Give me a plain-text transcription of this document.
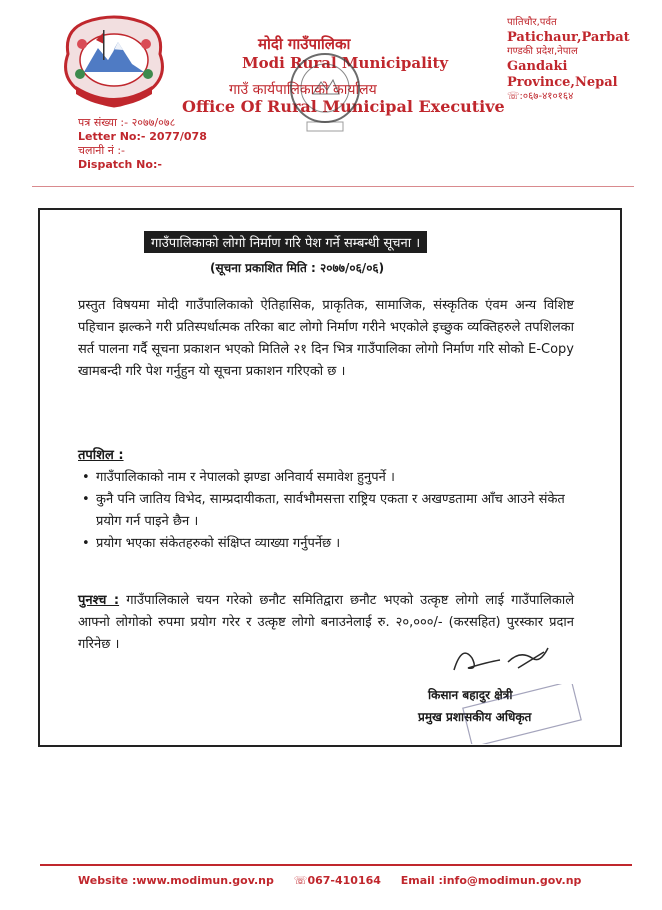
मोदी गाउँपालिका
Modi Rural Municipality
गाउँ कार्यपालिकाको कार्यालय
Office Of Rural Municipal Executive
पातिचौर,पर्वत
Patichaur,Parbat
गण्डकी प्रदेश,नेपाल
Gandaki
Province,Nepal
☏:०६७-४१०१६४
पत्र संख्या :- २०७७/०७८
Letter No:- 2077/078
चलानी नं :-
Dispatch No:-
गाउँपालिकाको लोगो निर्माण गरि पेश गर्ने सम्बन्धी सूचना ।
(सूचना प्रकाशित मिति : २०७७/०६/०६)
प्रस्तुत विषयमा मोदी गाउँपालिकाको ऐतिहासिक, प्राकृतिक, सामाजिक, संस्कृतिक एंवम अन्य विशिष्ट पहिचान झल्कने गरी प्रतिस्पर्धात्मक तरिका बाट लोगो निर्माण गरीने भएकोले इच्छुक व्यक्तिहरुले तपशिलका सर्त पालना गर्दै सूचना प्रकाशन भएको मितिले २१ दिन भित्र गाउँपालिका लोगो निर्माण गरि सोको E-Copy खामबन्दी गरि पेश गर्नुहुन यो सूचना प्रकाशन गरिएको छ ।
तपशिल :
• गाउँपालिकाको नाम र नेपालको झण्डा अनिवार्य समावेश हुनुपर्ने ।
• कुनै पनि जातिय विभेद, साम्प्रदायीकता, सार्वभौमसत्ता राष्ट्रिय एकता र अखण्डतामा आँच आउने संकेत प्रयोग गर्न पाइने छैन ।
• प्रयोग भएका संकेतहरुको संक्षिप्त व्याख्या गर्नुपर्नेछ ।
पुनश्च : गाउँपालिकाले चयन गरेको छनौट समितिद्वारा छनौट भएको उत्कृष्ट लोगो लाई गाउँपालिकाले आफ्नो लोगोको रुपमा प्रयोग गरेर र उत्कृष्ट लोगो बनाउनेलाई रु. २०,०००/- (करसहित) पुरस्कार प्रदान गरिनेछ ।
किसान बहादुर क्षेत्री
प्रमुख प्रशासकीय अधिकृत
Website :www.modimun.gov.np ☏067-410164 Email :info@modimun.gov.np
